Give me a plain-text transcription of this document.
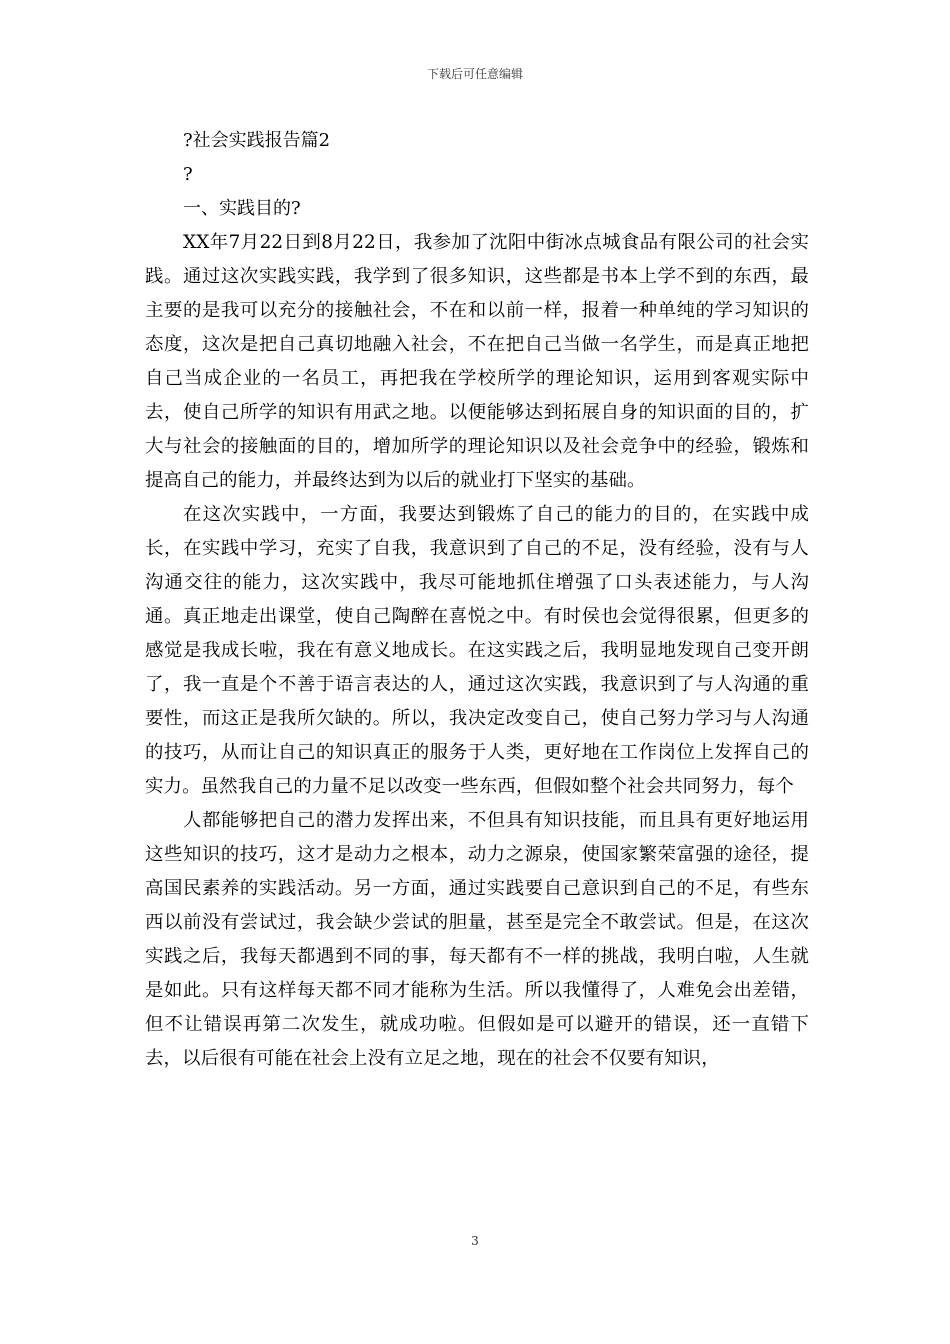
下载后可任意编辑

?社会实践报告篇2

?

一、实践目的?

XX年7月22日到8月22日，我参加了沈阳中街冰点城食品有限公司的社会实践。通过这次实践实践，我学到了很多知识，这些都是书本上学不到的东西，最主要的是我可以充分的接触社会，不在和以前一样，报着一种单纯的学习知识的态度，这次是把自己真切地融入社会，不在把自己当做一名学生，而是真正地把自己当成企业的一名员工，再把我在学校所学的理论知识，运用到客观实际中去，使自己所学的知识有用武之地。以便能够达到拓展自身的知识面的目的，扩大与社会的接触面的目的，增加所学的理论知识以及社会竞争中的经验，锻炼和提高自己的能力，并最终达到为以后的就业打下坚实的基础。

在这次实践中，一方面，我要达到锻炼了自己的能力的目的，在实践中成长，在实践中学习，充实了自我，我意识到了自己的不足，没有经验，没有与人沟通交往的能力，这次实践中，我尽可能地抓住增强了口头表述能力，与人沟通。真正地走出课堂，使自己陶醉在喜悦之中。有时侯也会觉得很累，但更多的感觉是我成长啦，我在有意义地成长。在这实践之后，我明显地发现自己变开朗了，我一直是个不善于语言表达的人，通过这次实践，我意识到了与人沟通的重要性，而这正是我所欠缺的。所以，我决定改变自己，使自己努力学习与人沟通的技巧，从而让自己的知识真正的服务于人类，更好地在工作岗位上发挥自己的实力。虽然我自己的力量不足以改变一些东西，但假如整个社会共同努力，每个

人都能够把自己的潜力发挥出来，不但具有知识技能，而且具有更好地运用这些知识的技巧，这才是动力之根本，动力之源泉，使国家繁荣富强的途径，提高国民素养的实践活动。另一方面，通过实践要自己意识到自己的不足，有些东西以前没有尝试过，我会缺少尝试的胆量，甚至是完全不敢尝试。但是，在这次实践之后，我每天都遇到不同的事，每天都有不一样的挑战，我明白啦，人生就是如此。只有这样每天都不同才能称为生活。所以我懂得了，人难免会出差错，但不让错误再第二次发生，就成功啦。但假如是可以避开的错误，还一直错下去，以后很有可能在社会上没有立足之地，现在的社会不仅要有知识，

3
